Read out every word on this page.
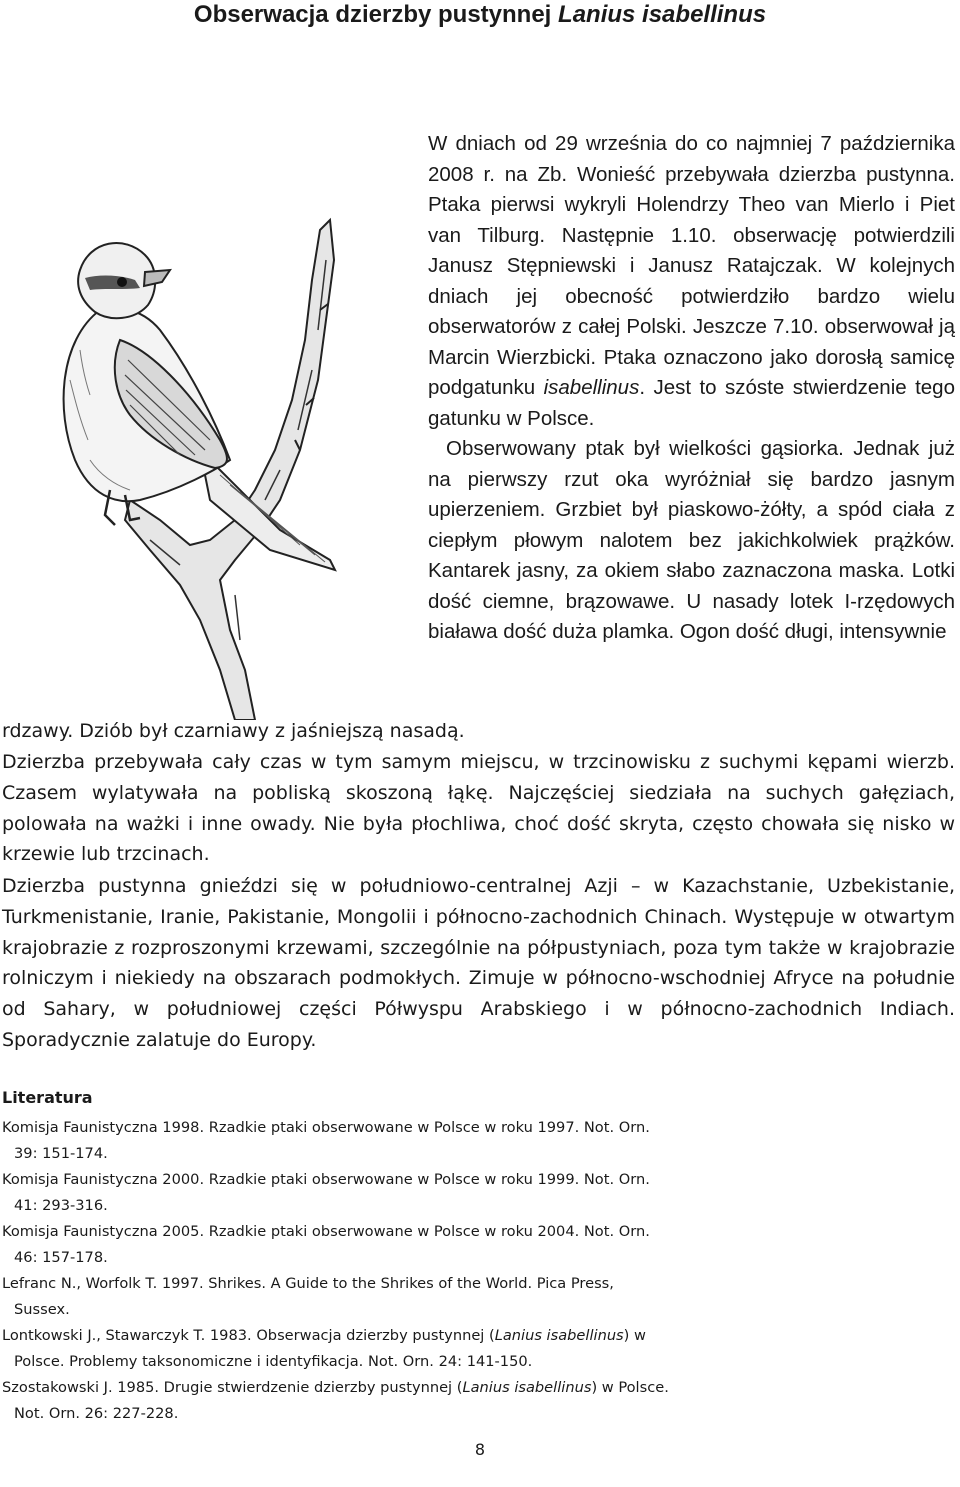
Obserwacja dzierzby pustynnej Lanius isabellinus

W dniach od 29 września do co najmniej 7 października 2008 r. na Zb. Wonieść przebywała dzierzba pustynna. Ptaka pierwsi wykryli Holendrzy Theo van Mierlo i Piet van Tilburg. Następnie 1.10. obserwację potwierdzili Janusz Stępniewski i Janusz Ratajczak. W kolejnych dniach jej obecność potwierdziło bardzo wielu obserwatorów z całej Polski. Jeszcze 7.10. obserwował ją Marcin Wierzbicki. Ptaka oznaczono jako dorosłą samicę podgatunku isabellinus. Jest to szóste stwierdzenie tego gatunku w Polsce.

Obserwowany ptak był wielkości gąsiorka. Jednak już na pierwszy rzut oka wyróżniał się bardzo jasnym upierzeniem. Grzbiet był piaskowo-żółty, a spód ciała z ciepłym płowym nalotem bez jakichkolwiek prążków. Kantarek jasny, za okiem słabo zaznaczona maska. Lotki dość ciemne, brązowawe. U nasady lotek I-rzędowych biaława dość duża plamka. Ogon dość długi, intensywnie

rdzawy. Dziób był czarniawy z jaśniejszą nasadą.

Dzierzba przebywała cały czas w tym samym miejscu, w trzcinowisku z suchymi kępami wierzb. Czasem wylatywała na pobliską skoszoną łąkę. Najczęściej siedziała na suchych gałęziach, polowała na ważki i inne owady. Nie była płochliwa, choć dość skryta, często chowała się nisko w krzewie lub trzcinach.

Dzierzba pustynna gnieździ się w południowo-centralnej Azji – w Kazachstanie, Uzbekistanie, Turkmenistanie, Iranie, Pakistanie, Mongolii i północno-zachodnich Chinach. Występuje w otwartym krajobrazie z rozproszonymi krzewami, szczególnie na półpustyniach, poza tym także w krajobrazie rolniczym i niekiedy na obszarach podmokłych. Zimuje w północno-wschodniej Afryce na południe od Sahary, w południowej części Półwyspu Arabskiego i w północno-zachodnich Indiach. Sporadycznie zalatuje do Europy.

Literatura
Komisja Faunistyczna 1998. Rzadkie ptaki obserwowane w Polsce w roku 1997. Not. Orn.
39: 151-174.
Komisja Faunistyczna 2000. Rzadkie ptaki obserwowane w Polsce w roku 1999. Not. Orn.
41: 293-316.
Komisja Faunistyczna 2005. Rzadkie ptaki obserwowane w Polsce w roku 2004. Not. Orn.
46: 157-178.
Lefranc N., Worfolk T. 1997. Shrikes. A Guide to the Shrikes of the World. Pica Press,
Sussex.
Lontkowski J., Stawarczyk T. 1983. Obserwacja dzierzby pustynnej (Lanius isabellinus) w
Polsce. Problemy taksonomiczne i identyfikacja. Not. Orn. 24: 141-150.
Szostakowski J. 1985. Drugie stwierdzenie dzierzby pustynnej (Lanius isabellinus) w Polsce.
Not. Orn. 26: 227-228.
8
